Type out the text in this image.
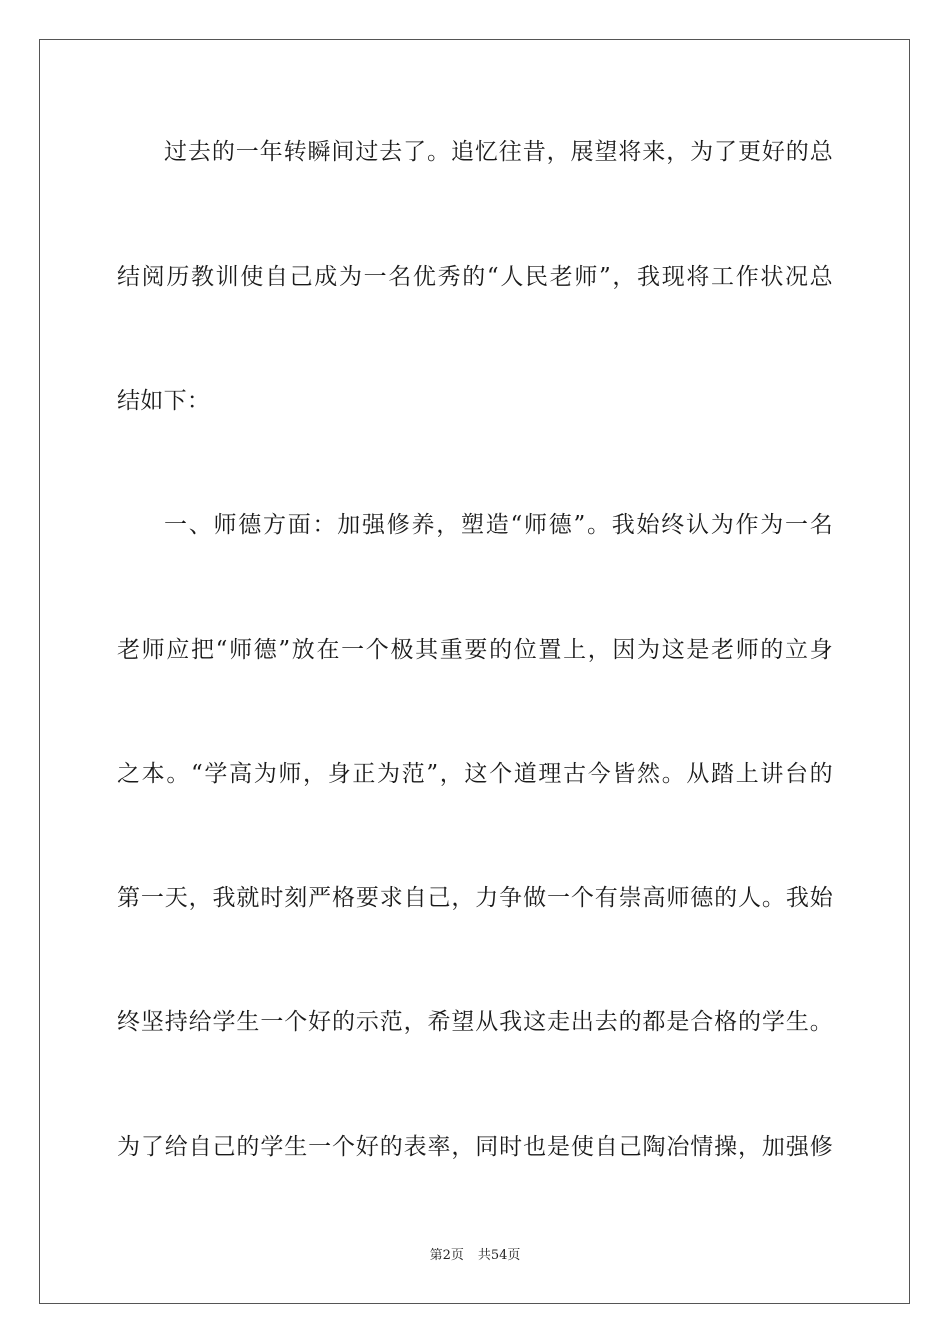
过去的一年转瞬间过去了。追忆往昔，展望将来，为了更好的总
结阅历教训使自己成为一名优秀的“人民老师”，我现将工作状况总
结如下：
一、师德方面：加强修养，塑造“师德”。我始终认为作为一名
老师应把“师德”放在一个极其重要的位置上，因为这是老师的立身
之本。“学高为师，身正为范”，这个道理古今皆然。从踏上讲台的
第一天，我就时刻严格要求自己，力争做一个有崇高师德的人。我始
终坚持给学生一个好的示范，希望从我这走出去的都是合格的学生。
为了给自己的学生一个好的表率，同时也是使自己陶冶情操，加强修
第2页 共54页
